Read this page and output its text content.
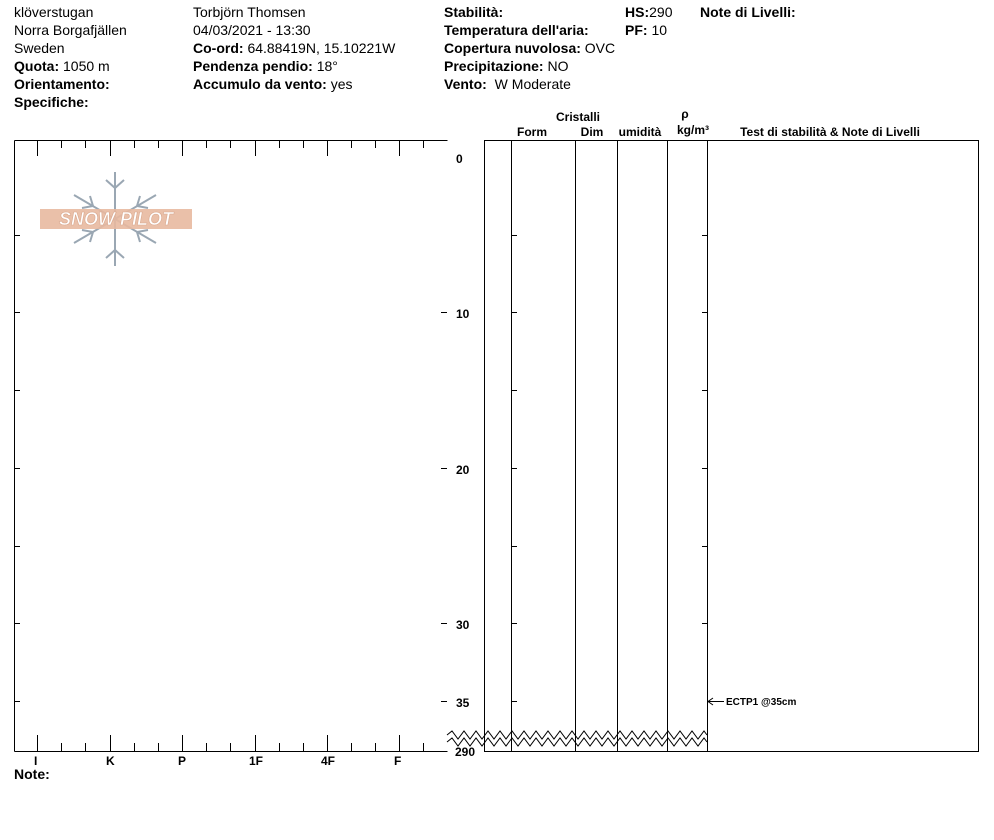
klöverstugan
Norra Borgafjällen
Sweden
Quota: 1050 m
Orientamento:
Specifiche:
Torbjörn Thomsen
04/03/2021 - 13:30
Co-ord: 64.88419N, 15.10221W
Pendenza pendio: 18°
Accumulo da vento: yes
Stabilità:
Temperatura dell'aria:
Copertura nuvolosa: OVC
Precipitazione: NO
Vento: W Moderate
HS:290
PF: 10
Note di Livelli:
Cristalli
Form	Dim	umidità
ρ
kg/m³	Test di stabilità & Note di Livelli
SNOW PILOT
0
10
20
30
35
290
I	K	P	1F	4F	F
Note:
ECTP1 @35cm
